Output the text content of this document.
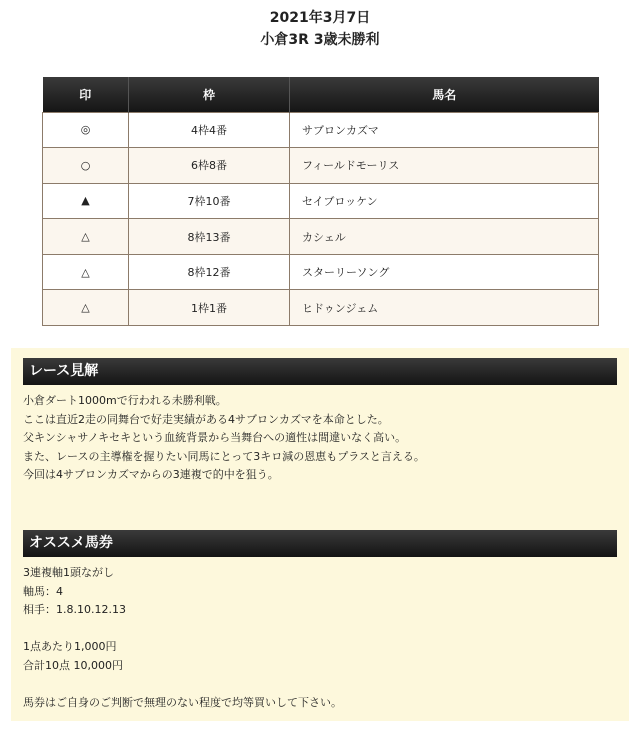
2021年3月7日
小倉3R 3歳未勝利
印	枠	馬名
◎	4枠4番	サブロンカズマ
○	6枠8番	フィールドモーリス
▲	7枠10番	セイブロッケン
△	8枠13番	カシェル
△	8枠12番	スターリーソング
△	1枠1番	ヒドゥンジェム
レース見解
小倉ダート1000mで行われる未勝利戦。
ここは直近2走の同舞台で好走実績がある4サブロンカズマを本命とした。
父キンシャサノキセキという血統背景から当舞台への適性は間違いなく高い。
また、レースの主導権を握りたい同馬にとって3キロ減の恩恵もプラスと言える。
今回は4サブロンカズマからの3連複で的中を狙う。
オススメ馬券
3連複軸1頭ながし
軸馬：4
相手：1.8.10.12.13
1点あたり1,000円
合計10点 10,000円
馬券はご自身のご判断で無理のない程度で均等買いして下さい。
